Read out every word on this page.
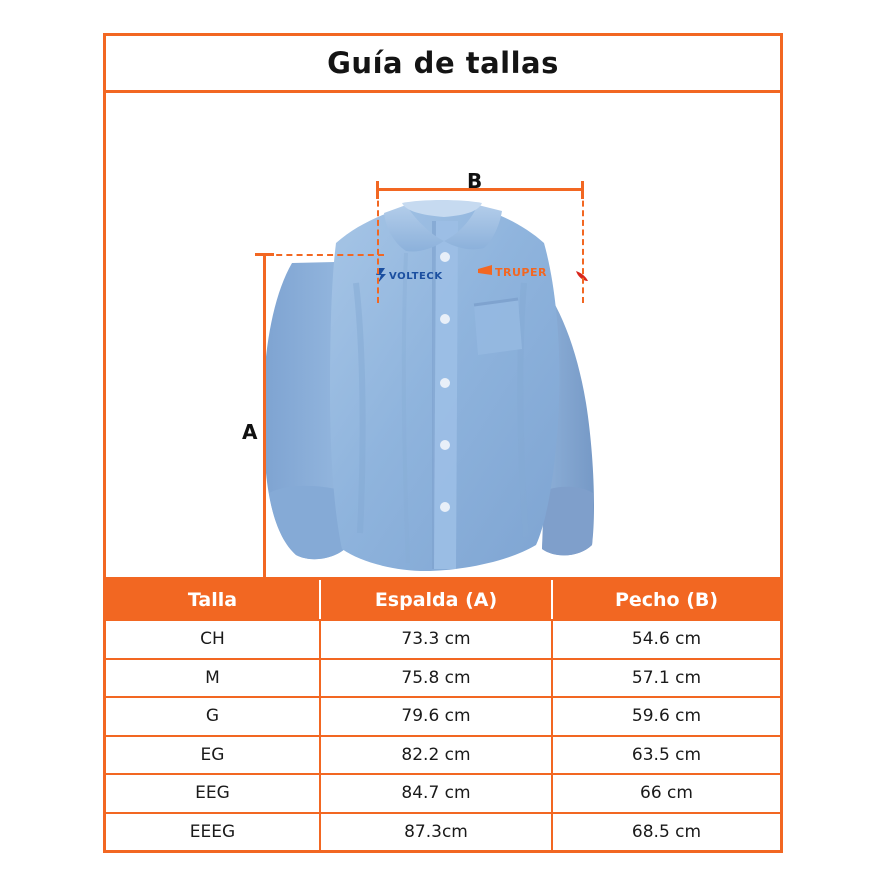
Guía de tallas
VOLTECK	TRUPER
B
A
Talla	Espalda (A)	Pecho (B)
CH	73.3 cm	54.6 cm
M	75.8 cm	57.1 cm
G	79.6 cm	59.6 cm
EG	82.2 cm	63.5 cm
EEG	84.7 cm	66 cm
EEEG	87.3cm	68.5 cm
